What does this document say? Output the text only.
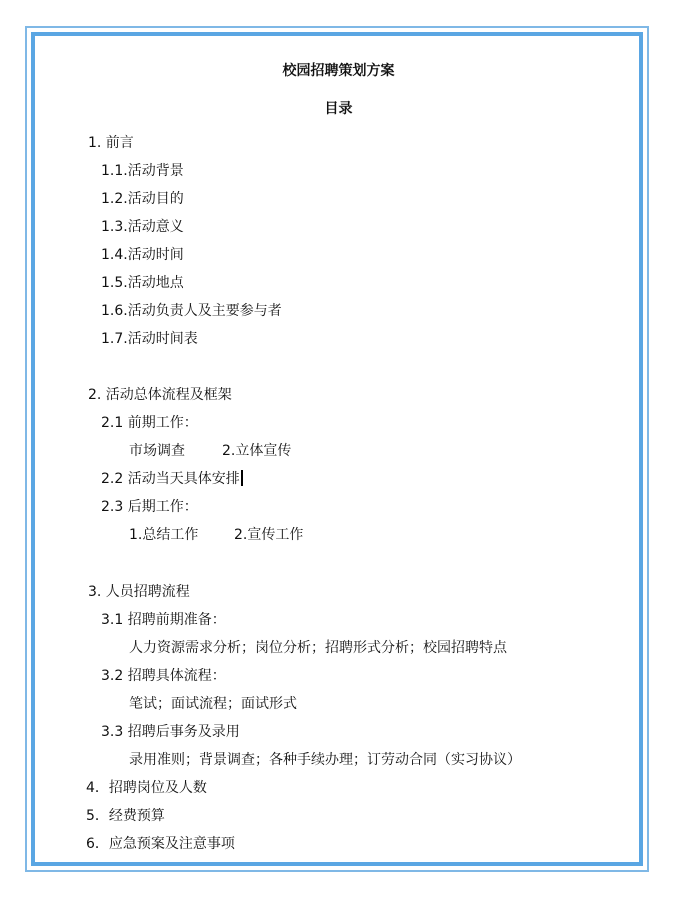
校园招聘策划方案
目录
1. 前言
1.1.活动背景
1.2.活动目的
1.3.活动意义
1.4.活动时间
1.5.活动地点
1.6.活动负责人及主要参与者
1.7.活动时间表
2. 活动总体流程及框架
2.1 前期工作：
市场调查	2.立体宣传
2.2 活动当天具体安排
2.3 后期工作：
1.总结工作	2.宣传工作
3. 人员招聘流程
3.1 招聘前期准备：
人力资源需求分析；岗位分析；招聘形式分析；校园招聘特点
3.2 招聘具体流程：
笔试；面试流程；面试形式
3.3 招聘后事务及录用
录用准则；背景调查；各种手续办理；订劳动合同（实习协议）
4．招聘岗位及人数
5．经费预算
6．应急预案及注意事项
